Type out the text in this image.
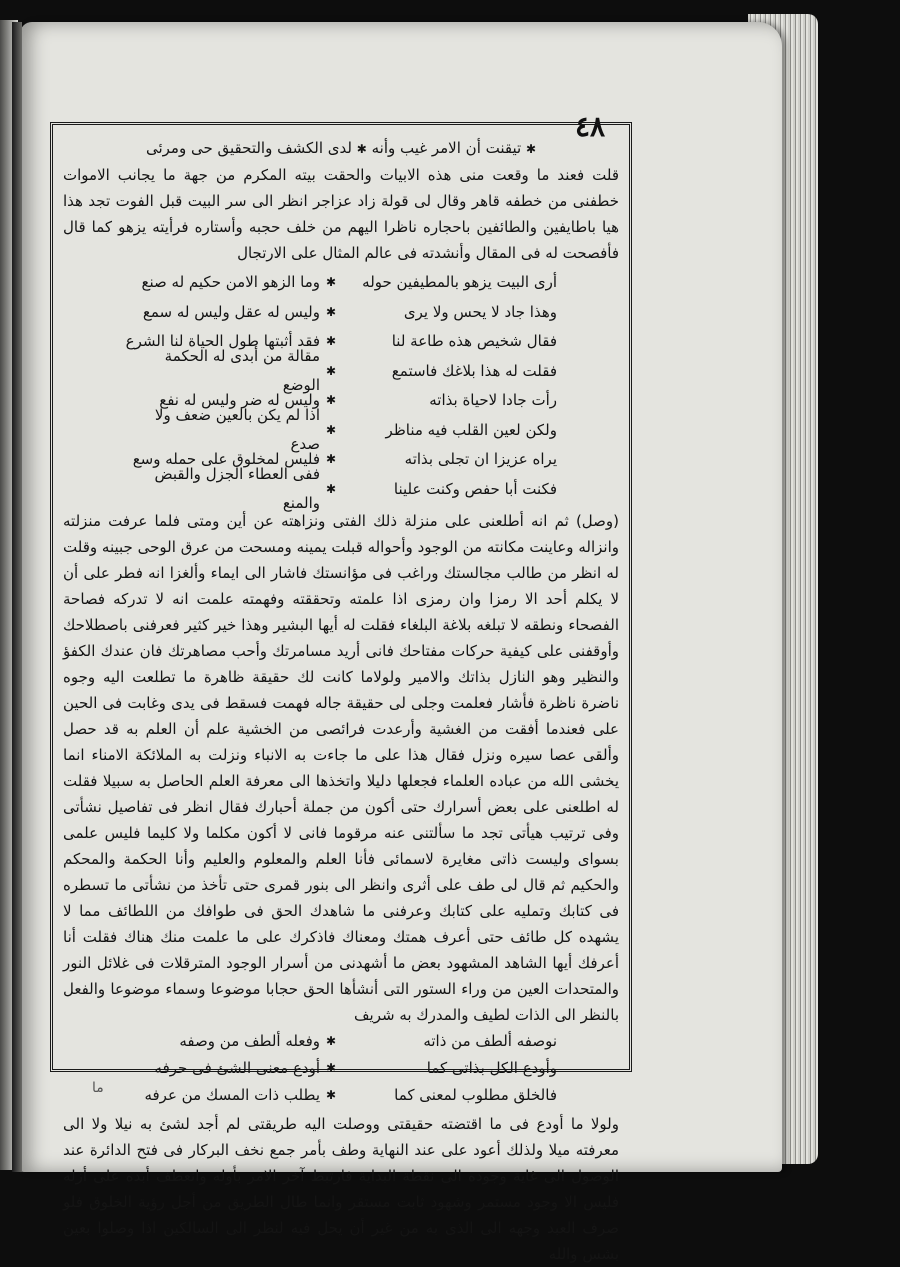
٤٨
✱ تيقنت أن الامر غيب وأنه ✱ لدى الكشف والتحقيق حى ومرئى

قلت فعند ما وقعت منى هذه الابيات والحقت بيته المكرم من جهة ما يجانب الاموات خطفنى من خطفه قاهر وقال لى قولة زاد عزاجر انظر الى سر البيت قبل الفوت تجد هذا هيا باطايفين والطائفين باحجاره ناظرا اليهم من خلف حجبه وأستاره فرأيته يزهو كما قال فأفصحت له فى المقال وأنشدته فى عالم المثال على الارتجال

أرى البيت يزهو بالمطيفين حوله
✱
وما الزهو الامن حكيم له صنع
وهذا جاد لا يحس ولا يرى
✱
وليس له عقل وليس له سمع
فقال شخيص هذه طاعة لنا
✱
فقد أثبتها طول الحياة لنا الشرع
فقلت له هذا بلاغك فاستمع
✱
مقالة من أبدى له الحكمة الوضع
رأت جادا لاحياة بذاته
✱
وليس له ضر وليس له نفع
ولكن لعين القلب فيه مناظر
✱
اذا لم يكن بالعين ضعف ولا صدع
يراه عزيزا ان تجلى بذاته
✱
فليس لمخلوق على حمله وسع
فكنت أبا حفص وكنت علينا
✱
ففى العطاء الجزل والقبض والمنع

(وصل) ثم انه أطلعنى على منزلة ذلك الفتى ونزاهته عن أين ومتى فلما عرفت منزلته وانزاله وعاينت مكانته من الوجود وأحواله قبلت يمينه ومسحت من عرق الوحى جبينه وقلت له انظر من طالب مجالستك وراغب فى مؤانستك فاشار الى ايماء وألغزا انه فطر على أن لا يكلم أحد الا رمزا وان رمزى اذا علمته وتحققته وفهمته علمت انه لا تدركه فصاحة الفصحاء ونطقه لا تبلغه بلاغة البلغاء فقلت له أيها البشير وهذا خير كثير فعرفنى باصطلاحك وأوقفنى على كيفية حركات مفتاحك فانى أريد مسامرتك وأحب مصاهرتك فان عندك الكفؤ والنظير وهو النازل بذاتك والامير ولولاما كانت لك حقيقة ظاهرة ما تطلعت اليه وجوه ناضرة ناظرة فأشار فعلمت وجلى لى حقيقة جاله فهمت فسقط فى يدى وغابت فى الحين على فعندما أفقت من الغشية وأرعدت فرائصى من الخشية علم أن العلم به قد حصل وألقى عصا سيره ونزل فقال هذا على ما جاءت به الانباء ونزلت به الملائكة الامناء انما يخشى الله من عباده العلماء فجعلها دليلا واتخذها الى معرفة العلم الحاصل به سبيلا فقلت له اطلعنى على بعض أسرارك حتى أكون من جملة أحبارك فقال انظر فى تفاصيل نشأتى وفى ترتيب هيأتى تجد ما سألتنى عنه مرقوما فانى لا أكون مكلما ولا كليما فليس علمى بسواى وليست ذاتى مغايرة لاسمائى فأنا العلم والمعلوم والعليم وأنا الحكمة والمحكم والحكيم ثم قال لى طف على أثرى وانظر الى بنور قمرى حتى تأخذ من نشأتى ما تسطره فى كتابك وتمليه على كتابك وعرفنى ما شاهدك الحق فى طوافك من اللطائف مما لا يشهده كل طائف حتى أعرف همتك ومعناك فاذكرك على ما علمت منك هناك فقلت أنا أعرفك أيها الشاهد المشهود بعض ما أشهدنى من أسرار الوجود المترقلات فى غلائل النور والمتحدات العين من وراء الستور التى أنشأها الحق حجابا موضوعا وسماء موضوعا والفعل بالنظر الى الذات لطيف والمدرك به شريف

نوصفه ألطف من ذاته
✱
وفعله ألطف من وصفه
وأودع الكل بذاتى كما
✱
أودع معنى الشئ فى حرفه
فالخلق مطلوب لمعنى كما
✱
يطلب ذات المسك من عرفه

ولولا ما أودع فى ما اقتضته حقيقتى ووصلت اليه طريقتى لم أجد لشئ به نيلا ولا الى معرفته ميلا ولذلك أعود على عند النهاية وطف بأمر جمع نخف البركار فى فتح الدائرة عند الوصول الى غاية وجوده الى نقطة البداية فارتبط آخر الامر بأوله وانعطف أبده على أزله فليس الا وجود مستمر وشهود ثابت مستقر وانما طال الطريق من أجل رؤية الخلوق فلو صرف العبد وجهه الى الذى به من غير أن يحل فيه لنظر الى السالكين اذا وصلوا بعين بشس والله

ما
